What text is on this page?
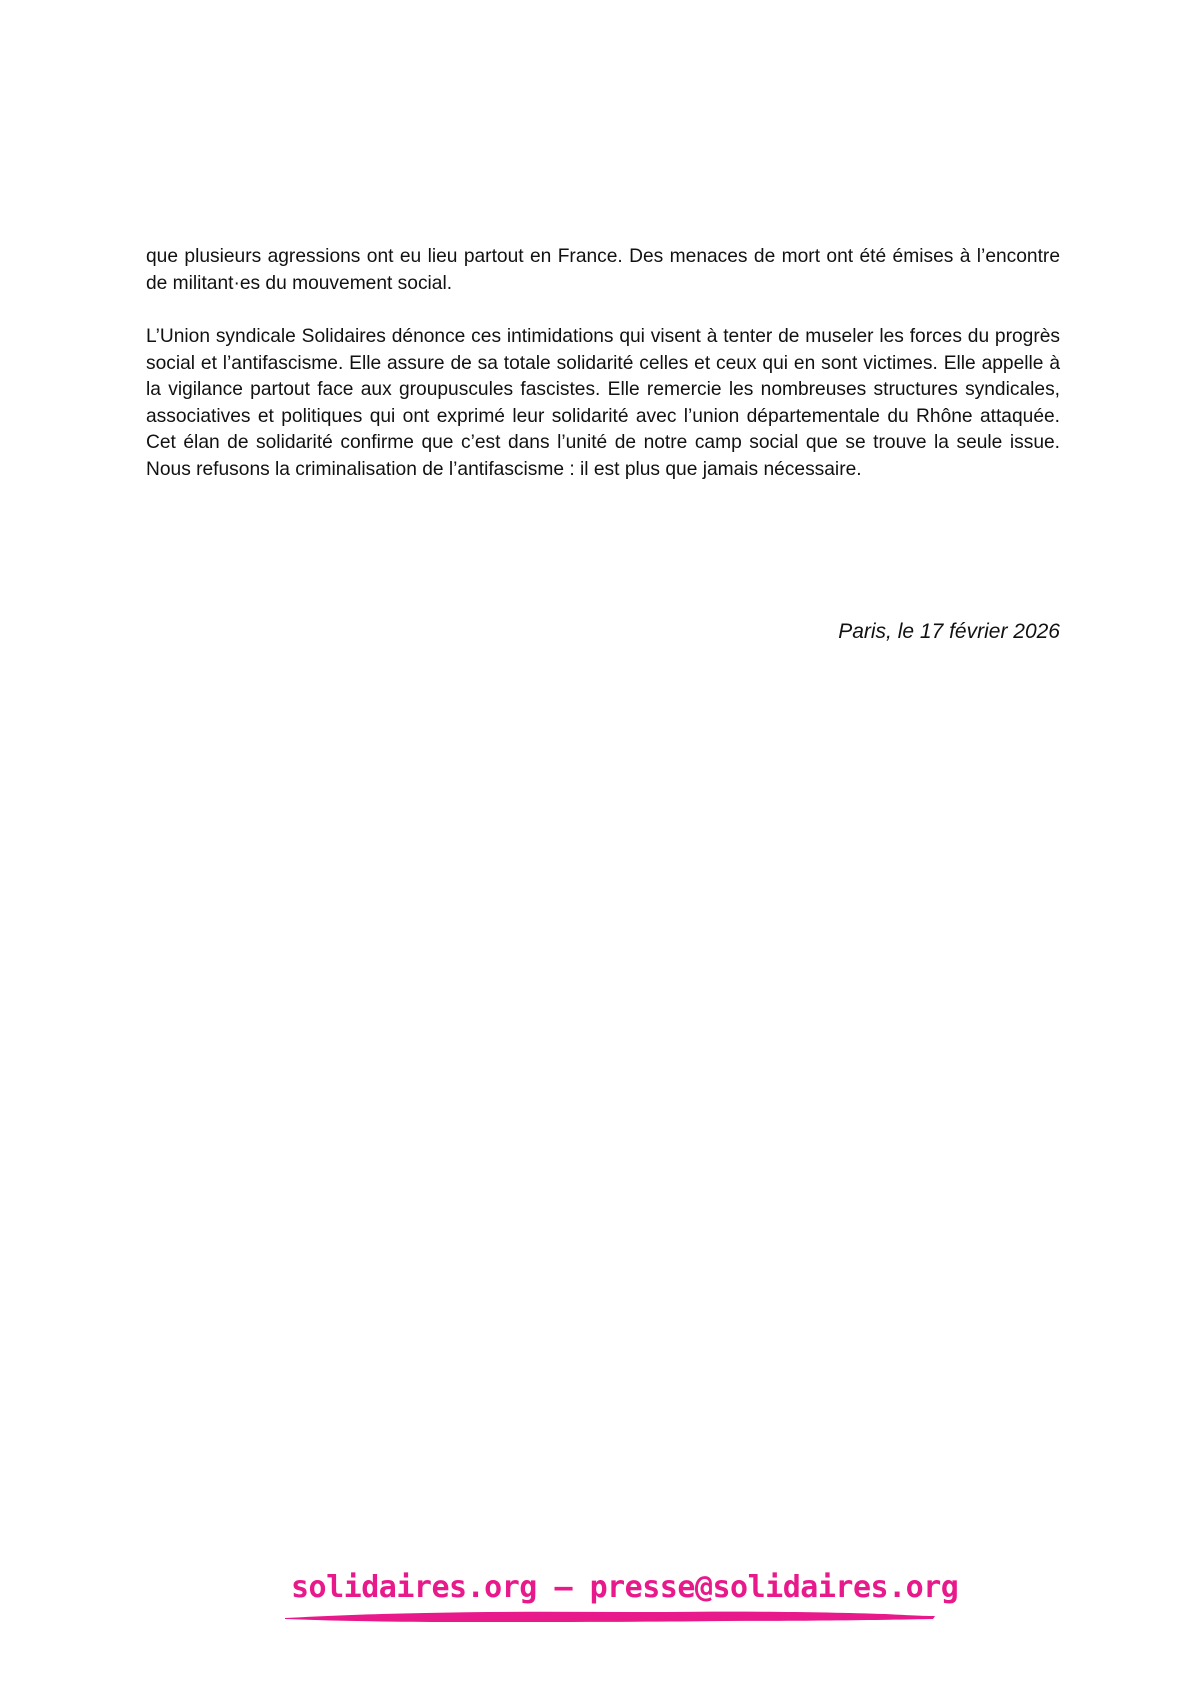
que plusieurs agressions ont eu lieu partout en France. Des menaces de mort ont été émises à l’encontre de militant·es du mouvement social.

L’Union syndicale Solidaires dénonce ces intimidations qui visent à tenter de museler les forces du progrès social et l’antifascisme. Elle assure de sa totale solidarité celles et ceux qui en sont victimes. Elle appelle à la vigilance partout face aux groupuscules fascistes. Elle remercie les nombreuses structures syndicales, associatives et politiques qui ont exprimé leur solidarité avec l’union départementale du Rhône attaquée. Cet élan de solidarité confirme que c’est dans l’unité de notre camp social que se trouve la seule issue. Nous refusons la criminalisation de l’antifascisme : il est plus que jamais nécessaire.

Paris, le 17 février 2026
solidaires.org — presse@solidaires.org
